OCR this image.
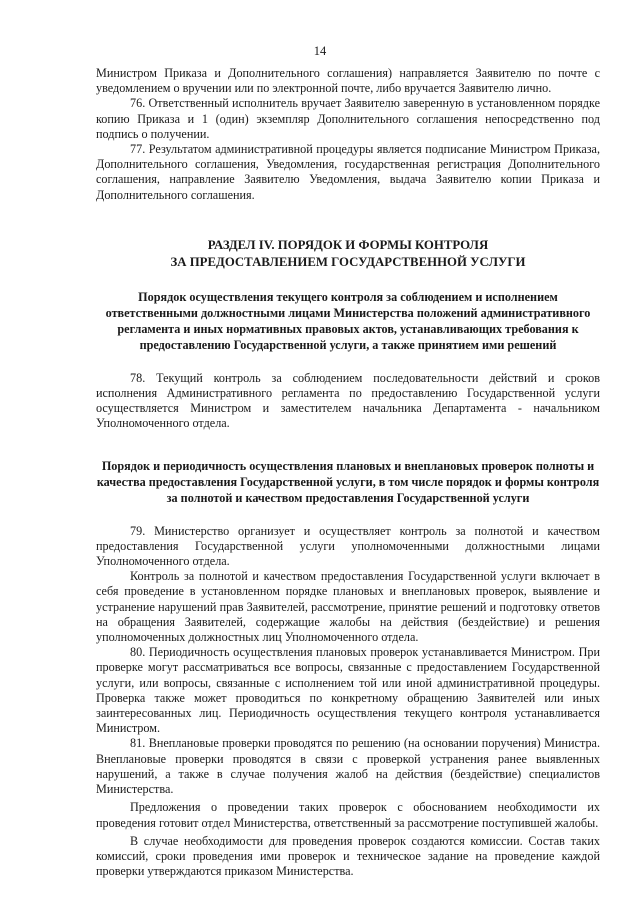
14

Министром Приказа и Дополнительного соглашения) направляется Заявителю по почте с уведомлением о вручении или по электронной почте, либо вручается Заявителю лично.

76. Ответственный исполнитель вручает Заявителю заверенную в установленном порядке копию Приказа и 1 (один) экземпляр Дополнительного соглашения непосредственно под подпись о получении.

77. Результатом административной процедуры является подписание Министром Приказа, Дополнительного соглашения, Уведомления, государственная регистрация Дополнительного соглашения, направление Заявителю Уведомления, выдача Заявителю копии Приказа и Дополнительного соглашения.

РАЗДЕЛ IV. ПОРЯДОК И ФОРМЫ КОНТРОЛЯ
ЗА ПРЕДОСТАВЛЕНИЕМ ГОСУДАРСТВЕННОЙ УСЛУГИ

Порядок осуществления текущего контроля за соблюдением и исполнением ответственными должностными лицами Министерства положений административного регламента и иных нормативных правовых актов, устанавливающих требования к предоставлению Государственной услуги, а также принятием ими решений

78. Текущий контроль за соблюдением последовательности действий и сроков исполнения Административного регламента по предоставлению Государственной услуги осуществляется Министром и заместителем начальника Департамента - начальником Уполномоченного отдела.

Порядок и периодичность осуществления плановых и внеплановых проверок полноты и качества предоставления Государственной услуги, в том числе порядок и формы контроля за полнотой и качеством предоставления Государственной услуги

79. Министерство организует и осуществляет контроль за полнотой и качеством предоставления Государственной услуги уполномоченными должностными лицами Уполномоченного отдела.

Контроль за полнотой и качеством предоставления Государственной услуги включает в себя проведение в установленном порядке плановых и внеплановых проверок, выявление и устранение нарушений прав Заявителей, рассмотрение, принятие решений и подготовку ответов на обращения Заявителей, содержащие жалобы на действия (бездействие) и решения уполномоченных должностных лиц Уполномоченного отдела.

80. Периодичность осуществления плановых проверок устанавливается Министром. При проверке могут рассматриваться все вопросы, связанные с предоставлением Государственной услуги, или вопросы, связанные с исполнением той или иной административной процедуры. Проверка также может проводиться по конкретному обращению Заявителей или иных заинтересованных лиц. Периодичность осуществления текущего контроля устанавливается Министром.

81. Внеплановые проверки проводятся по решению (на основании поручения) Министра. Внеплановые проверки проводятся в связи с проверкой устранения ранее выявленных нарушений, а также в случае получения жалоб на действия (бездействие) специалистов Министерства.

Предложения о проведении таких проверок с обоснованием необходимости их проведения готовит отдел Министерства, ответственный за рассмотрение поступившей жалобы.

В случае необходимости для проведения проверок создаются комиссии. Состав таких комиссий, сроки проведения ими проверок и техническое задание на проведение каждой проверки утверждаются приказом Министерства.
